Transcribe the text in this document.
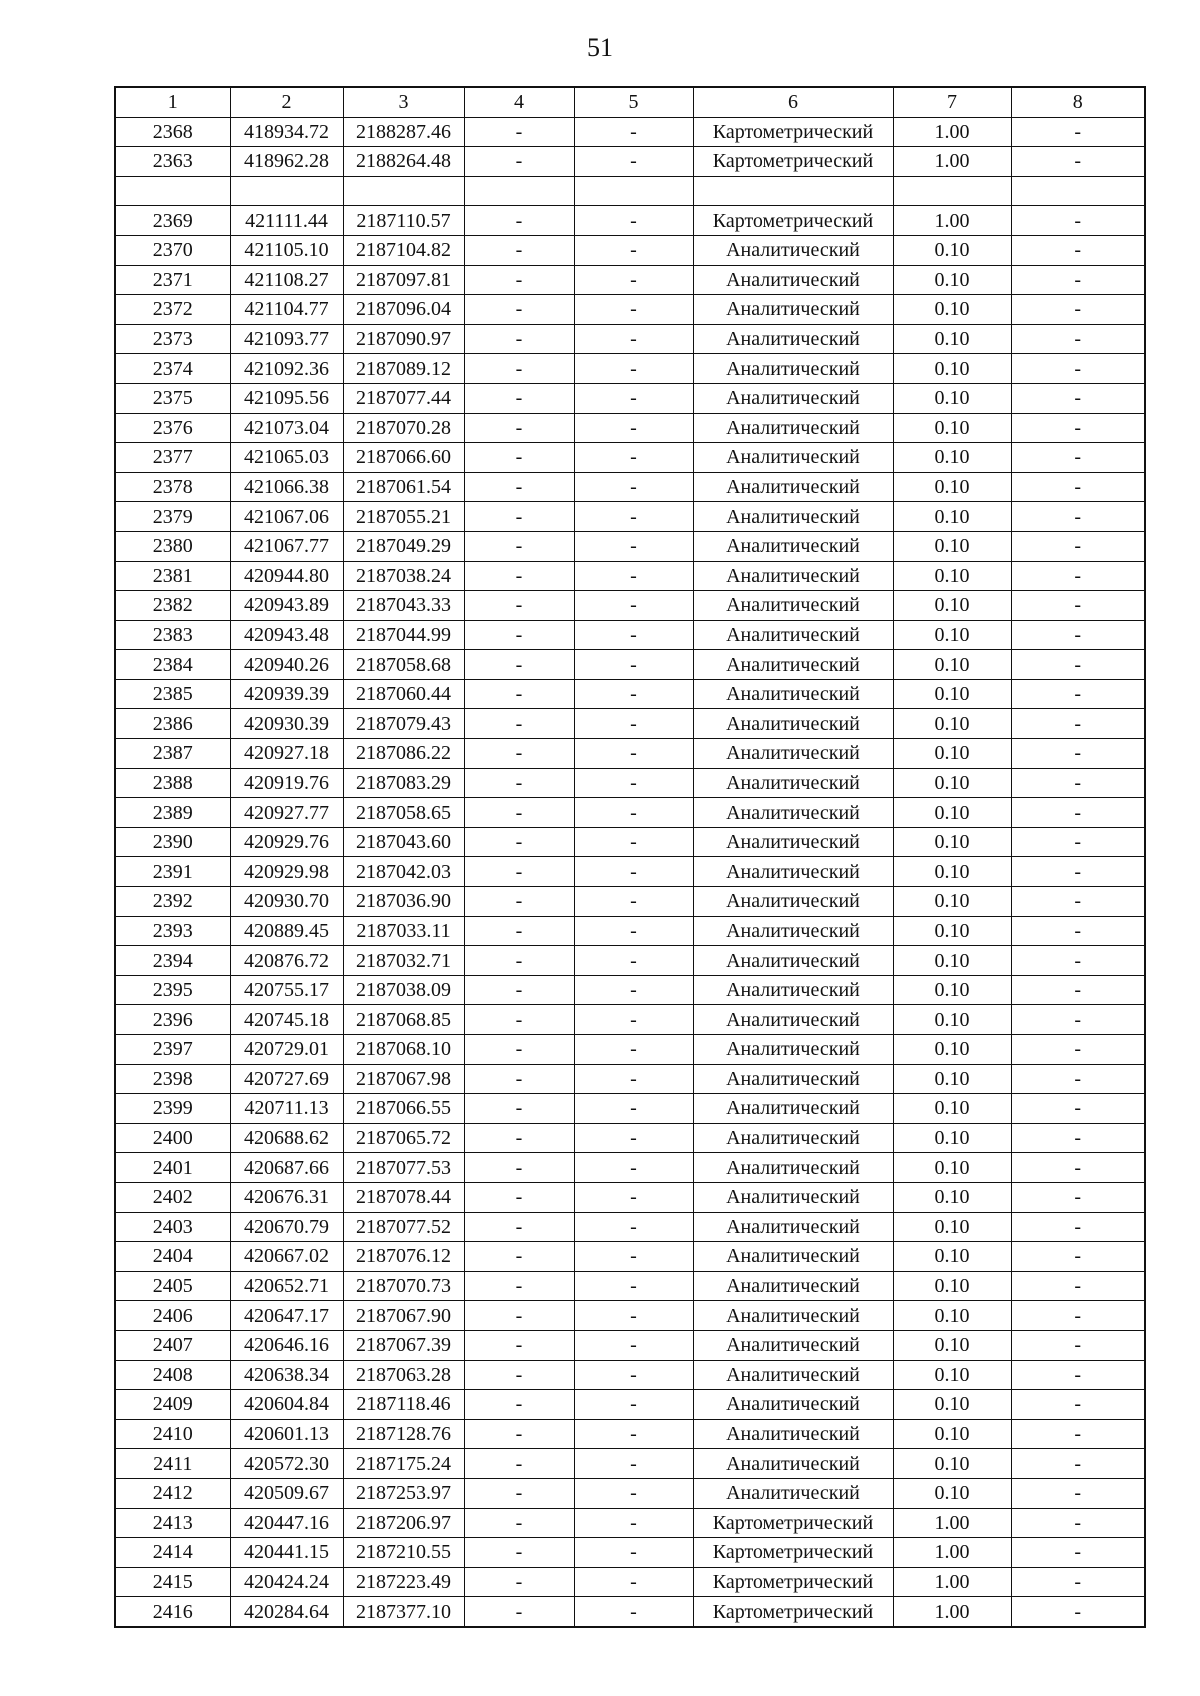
51
1	2	3	4	5	6	7	8
2368	418934.72	2188287.46	-	-	Картометрический	1.00	-
2363	418962.28	2188264.48	-	-	Картометрический	1.00	-

2369	421111.44	2187110.57	-	-	Картометрический	1.00	-
2370	421105.10	2187104.82	-	-	Аналитический	0.10	-
2371	421108.27	2187097.81	-	-	Аналитический	0.10	-
2372	421104.77	2187096.04	-	-	Аналитический	0.10	-
2373	421093.77	2187090.97	-	-	Аналитический	0.10	-
2374	421092.36	2187089.12	-	-	Аналитический	0.10	-
2375	421095.56	2187077.44	-	-	Аналитический	0.10	-
2376	421073.04	2187070.28	-	-	Аналитический	0.10	-
2377	421065.03	2187066.60	-	-	Аналитический	0.10	-
2378	421066.38	2187061.54	-	-	Аналитический	0.10	-
2379	421067.06	2187055.21	-	-	Аналитический	0.10	-
2380	421067.77	2187049.29	-	-	Аналитический	0.10	-
2381	420944.80	2187038.24	-	-	Аналитический	0.10	-
2382	420943.89	2187043.33	-	-	Аналитический	0.10	-
2383	420943.48	2187044.99	-	-	Аналитический	0.10	-
2384	420940.26	2187058.68	-	-	Аналитический	0.10	-
2385	420939.39	2187060.44	-	-	Аналитический	0.10	-
2386	420930.39	2187079.43	-	-	Аналитический	0.10	-
2387	420927.18	2187086.22	-	-	Аналитический	0.10	-
2388	420919.76	2187083.29	-	-	Аналитический	0.10	-
2389	420927.77	2187058.65	-	-	Аналитический	0.10	-
2390	420929.76	2187043.60	-	-	Аналитический	0.10	-
2391	420929.98	2187042.03	-	-	Аналитический	0.10	-
2392	420930.70	2187036.90	-	-	Аналитический	0.10	-
2393	420889.45	2187033.11	-	-	Аналитический	0.10	-
2394	420876.72	2187032.71	-	-	Аналитический	0.10	-
2395	420755.17	2187038.09	-	-	Аналитический	0.10	-
2396	420745.18	2187068.85	-	-	Аналитический	0.10	-
2397	420729.01	2187068.10	-	-	Аналитический	0.10	-
2398	420727.69	2187067.98	-	-	Аналитический	0.10	-
2399	420711.13	2187066.55	-	-	Аналитический	0.10	-
2400	420688.62	2187065.72	-	-	Аналитический	0.10	-
2401	420687.66	2187077.53	-	-	Аналитический	0.10	-
2402	420676.31	2187078.44	-	-	Аналитический	0.10	-
2403	420670.79	2187077.52	-	-	Аналитический	0.10	-
2404	420667.02	2187076.12	-	-	Аналитический	0.10	-
2405	420652.71	2187070.73	-	-	Аналитический	0.10	-
2406	420647.17	2187067.90	-	-	Аналитический	0.10	-
2407	420646.16	2187067.39	-	-	Аналитический	0.10	-
2408	420638.34	2187063.28	-	-	Аналитический	0.10	-
2409	420604.84	2187118.46	-	-	Аналитический	0.10	-
2410	420601.13	2187128.76	-	-	Аналитический	0.10	-
2411	420572.30	2187175.24	-	-	Аналитический	0.10	-
2412	420509.67	2187253.97	-	-	Аналитический	0.10	-
2413	420447.16	2187206.97	-	-	Картометрический	1.00	-
2414	420441.15	2187210.55	-	-	Картометрический	1.00	-
2415	420424.24	2187223.49	-	-	Картометрический	1.00	-
2416	420284.64	2187377.10	-	-	Картометрический	1.00	-
